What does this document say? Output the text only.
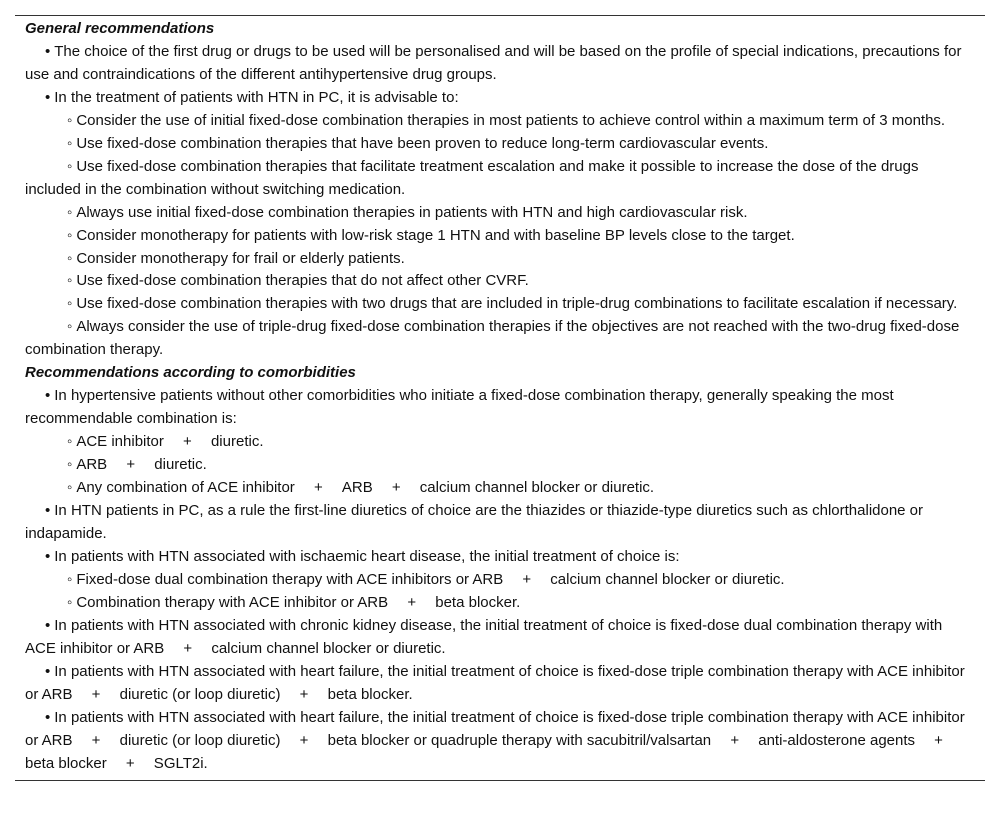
General recommendations
• The choice of the first drug or drugs to be used will be personalised and will be based on the profile of special indications, precautions for use and contraindications of the different antihypertensive drug groups.
• In the treatment of patients with HTN in PC, it is advisable to:
◦ Consider the use of initial fixed-dose combination therapies in most patients to achieve control within a maximum term of 3 months.
◦ Use fixed-dose combination therapies that have been proven to reduce long-term cardiovascular events.
◦ Use fixed-dose combination therapies that facilitate treatment escalation and make it possible to increase the dose of the drugs included in the combination without switching medication.
◦ Always use initial fixed-dose combination therapies in patients with HTN and high cardiovascular risk.
◦ Consider monotherapy for patients with low-risk stage 1 HTN and with baseline BP levels close to the target.
◦ Consider monotherapy for frail or elderly patients.
◦ Use fixed-dose combination therapies that do not affect other CVRF.
◦ Use fixed-dose combination therapies with two drugs that are included in triple-drug combinations to facilitate escalation if necessary.
◦ Always consider the use of triple-drug fixed-dose combination therapies if the objectives are not reached with the two-drug fixed-dose combination therapy.
Recommendations according to comorbidities
• In hypertensive patients without other comorbidities who initiate a fixed-dose combination therapy, generally speaking the most recommendable combination is:
◦ ACE inhibitor  +  diuretic.
◦ ARB  +  diuretic.
◦ Any combination of ACE inhibitor  +  ARB  +  calcium channel blocker or diuretic.
• In HTN patients in PC, as a rule the first-line diuretics of choice are the thiazides or thiazide-type diuretics such as chlorthalidone or indapamide.
• In patients with HTN associated with ischaemic heart disease, the initial treatment of choice is:
◦ Fixed-dose dual combination therapy with ACE inhibitors or ARB  +  calcium channel blocker or diuretic.
◦ Combination therapy with ACE inhibitor or ARB  +  beta blocker.
• In patients with HTN associated with chronic kidney disease, the initial treatment of choice is fixed-dose dual combination therapy with ACE inhibitor or ARB  +  calcium channel blocker or diuretic.
• In patients with HTN associated with heart failure, the initial treatment of choice is fixed-dose triple combination therapy with ACE inhibitor or ARB  +  diuretic (or loop diuretic)  +  beta blocker.
• In patients with HTN associated with heart failure, the initial treatment of choice is fixed-dose triple combination therapy with ACE inhibitor or ARB  +  diuretic (or loop diuretic)  +  beta blocker or quadruple therapy with sacubitril/valsartan  +  anti-aldosterone agents  +  beta blocker  +  SGLT2i.
